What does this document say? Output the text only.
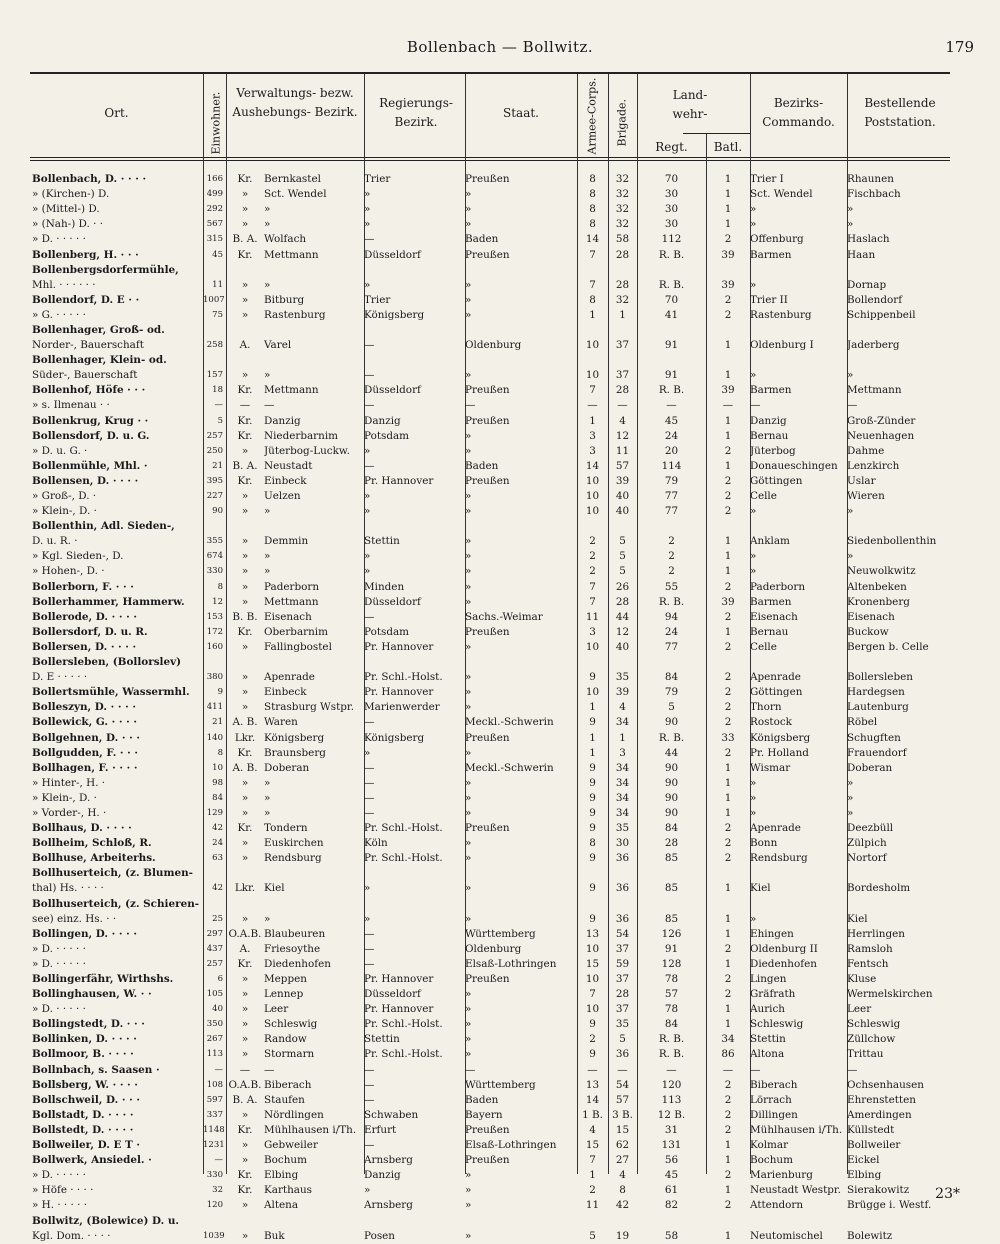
Bollenbach — Bollwitz.	179
Ort.	Einwohner.	Verwaltungs- bezw. Aushebungs- Bezirk.
Regierungs- Bezirk.
Staat.	Armee-Corps. Brigade.
Land- wehr-
Regt.	Batl.
Bezirks- Commando.
Bestellende Poststation.
Bollenbach, D. · · · ·	166	Kr.	Bernkastel	Trier	Preußen	8	32	70	1	Trier I	Rhaunen
» (Kirchen-) D.	499	»	Sct. Wendel	»	»	8	32	30	1	Sct. Wendel	Fischbach
» (Mittel-) D.	292	»	»	»	»	8	32	30	1	»	»
» (Nah-) D. · ·	567	»	»	»	»	8	32	30	1	»	»
» D. · · · · ·	315	B. A.	Wolfach	—	Baden	14	58	112	2	Offenburg	Haslach
Bollenberg, H. · · ·	45	Kr.	Mettmann	Düsseldorf	Preußen	7	28	R. B.	39	Barmen	Haan
Bollenbergsdorfermühle,											
Mhl. · · · · · ·	11	»	»	»	»	7	28	R. B.	39	»	Dornap
Bollendorf, D. E · ·	1007	»	Bitburg	Trier	»	8	32	70	2	Trier II	Bollendorf
» G. · · · · ·	75	»	Rastenburg	Königsberg	»	1	1	41	2	Rastenburg	Schippenbeil
Bollenhager, Groß- od.											
Norder-, Bauerschaft	258	A.	Varel	—	Oldenburg	10	37	91	1	Oldenburg I	Jaderberg
Bollenhager, Klein- od.											
Süder-, Bauerschaft	157	»	»	—	»	10	37	91	1	»	»
Bollenhof, Höfe · · ·	18	Kr.	Mettmann	Düsseldorf	Preußen	7	28	R. B.	39	Barmen	Mettmann
» s. Ilmenau · ·	—	—	—	—	—	—	—	—	—	—	—
Bollenkrug, Krug · ·	5	Kr.	Danzig	Danzig	Preußen	1	4	45	1	Danzig	Groß-Zünder
Bollensdorf, D. u. G.	257	Kr.	Niederbarnim	Potsdam	»	3	12	24	1	Bernau	Neuenhagen
» D. u. G. ·	250	»	Jüterbog-Luckw.	»	»	3	11	20	2	Jüterbog	Dahme
Bollenmühle, Mhl. ·	21	B. A.	Neustadt	—	Baden	14	57	114	1	Donaueschingen	Lenzkirch
Bollensen, D. · · · ·	395	Kr.	Einbeck	Pr. Hannover	Preußen	10	39	79	2	Göttingen	Uslar
» Groß-, D. ·	227	»	Uelzen	»	»	10	40	77	2	Celle	Wieren
» Klein-, D. ·	90	»	»	»	»	10	40	77	2	»	»
Bollenthin, Adl. Sieden-,											
D. u. R. ·	355	»	Demmin	Stettin	»	2	5	2	1	Anklam	Siedenbollenthin
» Kgl. Sieden-, D.	674	»	»	»	»	2	5	2	1	»	»
» Hohen-, D. ·	330	»	»	»	»	2	5	2	1	»	Neuwolkwitz
Bollerborn, F. · · ·	8	»	Paderborn	Minden	»	7	26	55	2	Paderborn	Altenbeken
Bollerhammer, Hammerw.	12	»	Mettmann	Düsseldorf	»	7	28	R. B.	39	Barmen	Kronenberg
Bollerode, D. · · · ·	153	B. B.	Eisenach	—	Sachs.-Weimar	11	44	94	2	Eisenach	Eisenach
Bollersdorf, D. u. R.	172	Kr.	Oberbarnim	Potsdam	Preußen	3	12	24	1	Bernau	Buckow
Bollersen, D. · · · ·	160	»	Fallingbostel	Pr. Hannover	»	10	40	77	2	Celle	Bergen b. Celle
Bollersleben, (Bollorslev)											
D. E · · · · ·	380	»	Apenrade	Pr. Schl.-Holst.	»	9	35	84	2	Apenrade	Bollersleben
Bollertsmühle, Wassermhl.	9	»	Einbeck	Pr. Hannover	»	10	39	79	2	Göttingen	Hardegsen
Bolleszyn, D. · · · ·	411	»	Strasburg Wstpr.	Marienwerder	»	1	4	5	2	Thorn	Lautenburg
Bollewick, G. · · · ·	21	A. B.	Waren	—	Meckl.-Schwerin	9	34	90	2	Rostock	Röbel
Bollgehnen, D. · · ·	140	Lkr.	Königsberg	Königsberg	Preußen	1	1	R. B.	33	Königsberg	Schugften
Bollgudden, F. · · ·	8	Kr.	Braunsberg	»	»	1	3	44	2	Pr. Holland	Frauendorf
Bollhagen, F. · · · ·	10	A. B.	Doberan	—	Meckl.-Schwerin	9	34	90	1	Wismar	Doberan
» Hinter-, H. ·	98	»	»	—	»	9	34	90	1	»	»
» Klein-, D. ·	84	»	»	—	»	9	34	90	1	»	»
» Vorder-, H. ·	129	»	»	—	»	9	34	90	1	»	»
Bollhaus, D. · · · ·	42	Kr.	Tondern	Pr. Schl.-Holst.	Preußen	9	35	84	2	Apenrade	Deezbüll
Bollheim, Schloß, R.	24	»	Euskirchen	Köln	»	8	30	28	2	Bonn	Zülpich
Bollhuse, Arbeiterhs.	63	»	Rendsburg	Pr. Schl.-Holst.	»	9	36	85	2	Rendsburg	Nortorf
Bollhuserteich, (z. Blumen-											
thal) Hs. · · · ·	42	Lkr.	Kiel	»	»	9	36	85	1	Kiel	Bordesholm
Bollhuserteich, (z. Schieren-											
see) einz. Hs. · ·	25	»	»	»	»	9	36	85	1	»	Kiel
Bollingen, D. · · · ·	297	O.A.B.	Blaubeuren	—	Württemberg	13	54	126	1	Ehingen	Herrlingen
» D. · · · · ·	437	A.	Friesoythe	—	Oldenburg	10	37	91	2	Oldenburg II	Ramsloh
» D. · · · · ·	257	Kr.	Diedenhofen	—	Elsaß-Lothringen	15	59	128	1	Diedenhofen	Fentsch
Bollingerfähr, Wirthshs.	6	»	Meppen	Pr. Hannover	Preußen	10	37	78	2	Lingen	Kluse
Bollinghausen, W. · ·	105	»	Lennep	Düsseldorf	»	7	28	57	2	Gräfrath	Wermelskirchen
» D. · · · · ·	40	»	Leer	Pr. Hannover	»	10	37	78	1	Aurich	Leer
Bollingstedt, D. · · ·	350	»	Schleswig	Pr. Schl.-Holst.	»	9	35	84	1	Schleswig	Schleswig
Bollinken, D. · · · ·	267	»	Randow	Stettin	»	2	5	R. B.	34	Stettin	Züllchow
Bollmoor, B. · · · ·	113	»	Stormarn	Pr. Schl.-Holst.	»	9	36	R. B.	86	Altona	Trittau
Bollnbach, s. Saasen ·	—	—	—	—	—	—	—	—	—	—	—
Bollsberg, W. · · · ·	108	O.A.B.	Biberach	—	Württemberg	13	54	120	2	Biberach	Ochsenhausen
Bollschweil, D. · · ·	597	B. A.	Staufen	—	Baden	14	57	113	2	Lörrach	Ehrenstetten
Bollstadt, D. · · · ·	337	»	Nördlingen	Schwaben	Bayern	1 B.	3 B.	12 B.	2	Dillingen	Amerdingen
Bollstedt, D. · · · ·	1148	Kr.	Mühlhausen i/Th.	Erfurt	Preußen	4	15	31	2	Mühlhausen i/Th.	Küllstedt
Bollweiler, D. E T ·	1231	»	Gebweiler	—	Elsaß-Lothringen	15	62	131	1	Kolmar	Bollweiler
Bollwerk, Ansiedel. ·	—	»	Bochum	Arnsberg	Preußen	7	27	56	1	Bochum	Eickel
» D. · · · · ·	330	Kr.	Elbing	Danzig	»	1	4	45	2	Marienburg	Elbing
» Höfe · · · ·	32	Kr.	Karthaus	»	»	2	8	61	1	Neustadt Westpr.	Sierakowitz
» H. · · · · ·	120	»	Altena	Arnsberg	»	11	42	82	2	Attendorn	Brügge i. Westf.
Bollwitz, (Bolewice) D. u.											
Kgl. Dom. · · · ·	1039	»	Buk	Posen	»	5	19	58	1	Neutomischel	Bolewitz
23*
